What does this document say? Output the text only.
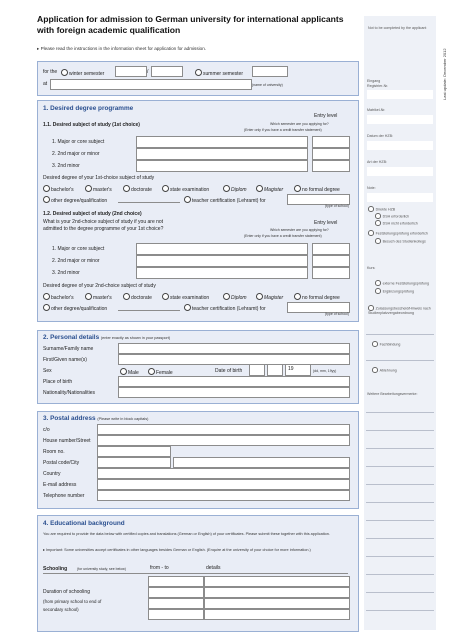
Application for admission to German university for international applicants with foreign academic qualification
▸ Please read the instructions in the information sheet for application for admission.
Not to be completed by the applicant
Last update: December 2012
Eingang
Registrier-Nr.
Matrikel-Nr.
Datum der HZB:
Art der HZB:
Note:
Direkte HZB
DSH erforderlich
DSH nicht erforderlich
Feststellungsprüfung erforderlich
Besuch des Studienkollegs
Kurs:
externe Feststellungsprüfung
Ergänzungsprüfung
Zulassungsbescheid/Hinweis nach Studienplatzvergabeordnung
Fachbindung
Ablehnung
Weitere Bearbeitungsvermerke:
for the	winter semester	/	summer semester
at	(name of university)
1. Desired degree programme
Entry level
1.1. Desired subject of study (1st choice)	Which semester are you applying for?
(Enter only if you have a credit transfer statement)
1. Major or core subject
2. 2nd major or minor
3. 2nd minor
Desired degree of your 1st-choice subject of study
bachelor's	master's	doctorate	state examination	Diplom	Magister	no formal degree
other degree/qualification	teacher certification (Lehramt) for
(type of school)
1.2. Desired subject of study (2nd choice)
What is your 2nd-choice subject of study if you are not
admitted to the degree programme of your 1st choice?
Entry level
Which semester are you applying for?
(Enter only if you have a credit transfer statement)
1. Major or core subject
2. 2nd major or minor
3. 2nd minor
Desired degree of your 2nd-choice subject of study
bachelor's	master's	doctorate	state examination	Diplom	Magister	no formal degree
other degree/qualification	teacher certification (Lehramt) for
(type of school)
2. Personal details (enter exactly as shown in your passport)
Surname/Family name
First/Given name(s)
Sex	Male	Female	Date of birth	19	(dd, mm, 19yy)
Place of birth
Nationality/Nationalities
3. Postal address (Please write in block capitals)
c/o
House number/Street
Room no.
Postal code/City
Country
E-mail address
Telephone number
4. Educational background
You are required to provide the data below with certified copies and translations (German or English) of your certificates. Please submit these together with this application.
▸ Important: Some universities accept certificates in other languages besides German or English. (Enquire at the university of your choice for more information.)
Schooling	(for university study, see below)	from - to	details
Duration of schooling
(from primary school to end of
secondary school)
